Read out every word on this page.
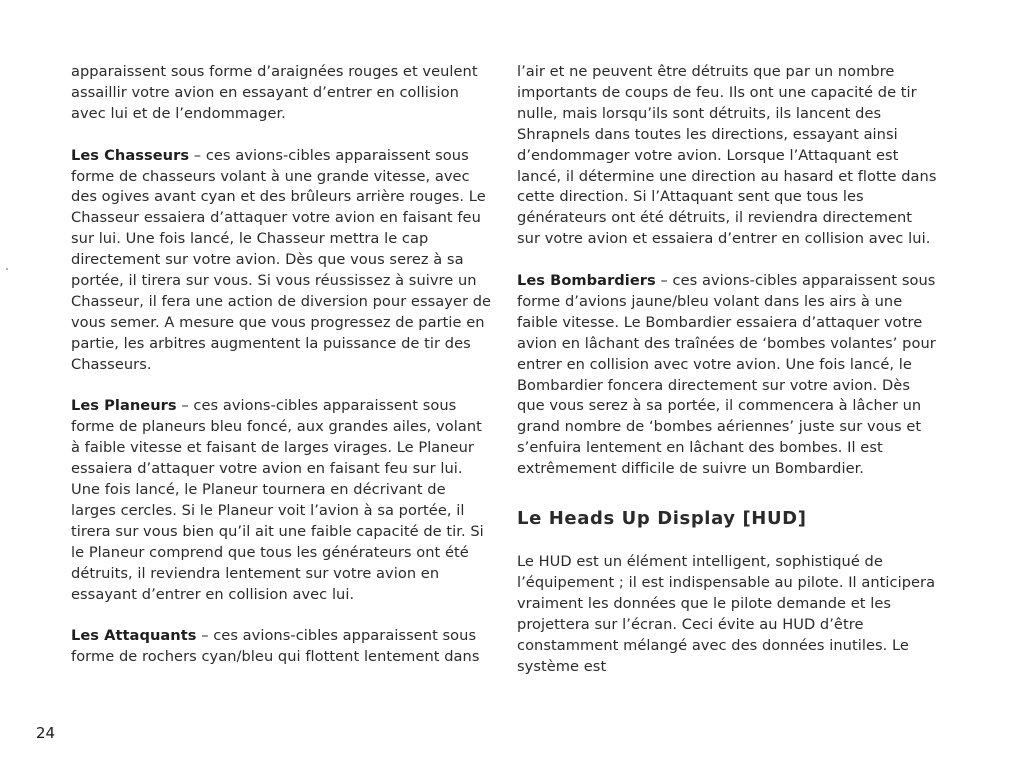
apparaissent sous forme d’araignées rouges et veulent assaillir votre avion en essayant d’entrer en collision avec lui et de l’endommager.

Les Chasseurs – ces avions-cibles apparaissent sous forme de chasseurs volant à une grande vitesse, avec des ogives avant cyan et des brûleurs arrière rouges. Le Chasseur essaiera d’attaquer votre avion en faisant feu sur lui. Une fois lancé, le Chasseur mettra le cap directement sur votre avion. Dès que vous serez à sa portée, il tirera sur vous. Si vous réussissez à suivre un Chasseur, il fera une action de diversion pour essayer de vous semer. A mesure que vous progressez de partie en partie, les arbitres augmentent la puissance de tir des Chasseurs.

Les Planeurs – ces avions-cibles apparaissent sous forme de planeurs bleu foncé, aux grandes ailes, volant à faible vitesse et faisant de larges virages. Le Planeur essaiera d’attaquer votre avion en faisant feu sur lui. Une fois lancé, le Planeur tournera en décrivant de larges cercles. Si le Planeur voit l’avion à sa portée, il tirera sur vous bien qu’il ait une faible capacité de tir. Si le Planeur comprend que tous les générateurs ont été détruits, il reviendra lentement sur votre avion en essayant d’entrer en collision avec lui.

Les Attaquants – ces avions-cibles apparaissent sous forme de rochers cyan/bleu qui flottent lentement dans

l’air et ne peuvent être détruits que par un nombre importants de coups de feu. Ils ont une capacité de tir nulle, mais lorsqu’ils sont détruits, ils lancent des Shrapnels dans toutes les directions, essayant ainsi d’endommager votre avion. Lorsque l’Attaquant est lancé, il détermine une direction au hasard et flotte dans cette direction. Si l’Attaquant sent que tous les générateurs ont été détruits, il reviendra directement sur votre avion et essaiera d’entrer en collision avec lui.

Les Bombardiers – ces avions-cibles apparaissent sous forme d’avions jaune/bleu volant dans les airs à une faible vitesse. Le Bombardier essaiera d’attaquer votre avion en lâchant des traînées de ‘bombes volantes’ pour entrer en collision avec votre avion. Une fois lancé, le Bombardier foncera directement sur votre avion. Dès que vous serez à sa portée, il commencera à lâcher un grand nombre de ‘bombes aériennes’ juste sur vous et s’enfuira lentement en lâchant des bombes. Il est extrêmement difficile de suivre un Bombardier.

Le Heads Up Display [HUD]

Le HUD est un élément intelligent, sophistiqué de l’équipement ; il est indispensable au pilote. Il anticipera vraiment les données que le pilote demande et les projettera sur l’écran. Ceci évite au HUD d’être constamment mélangé avec des données inutiles. Le système est

24
